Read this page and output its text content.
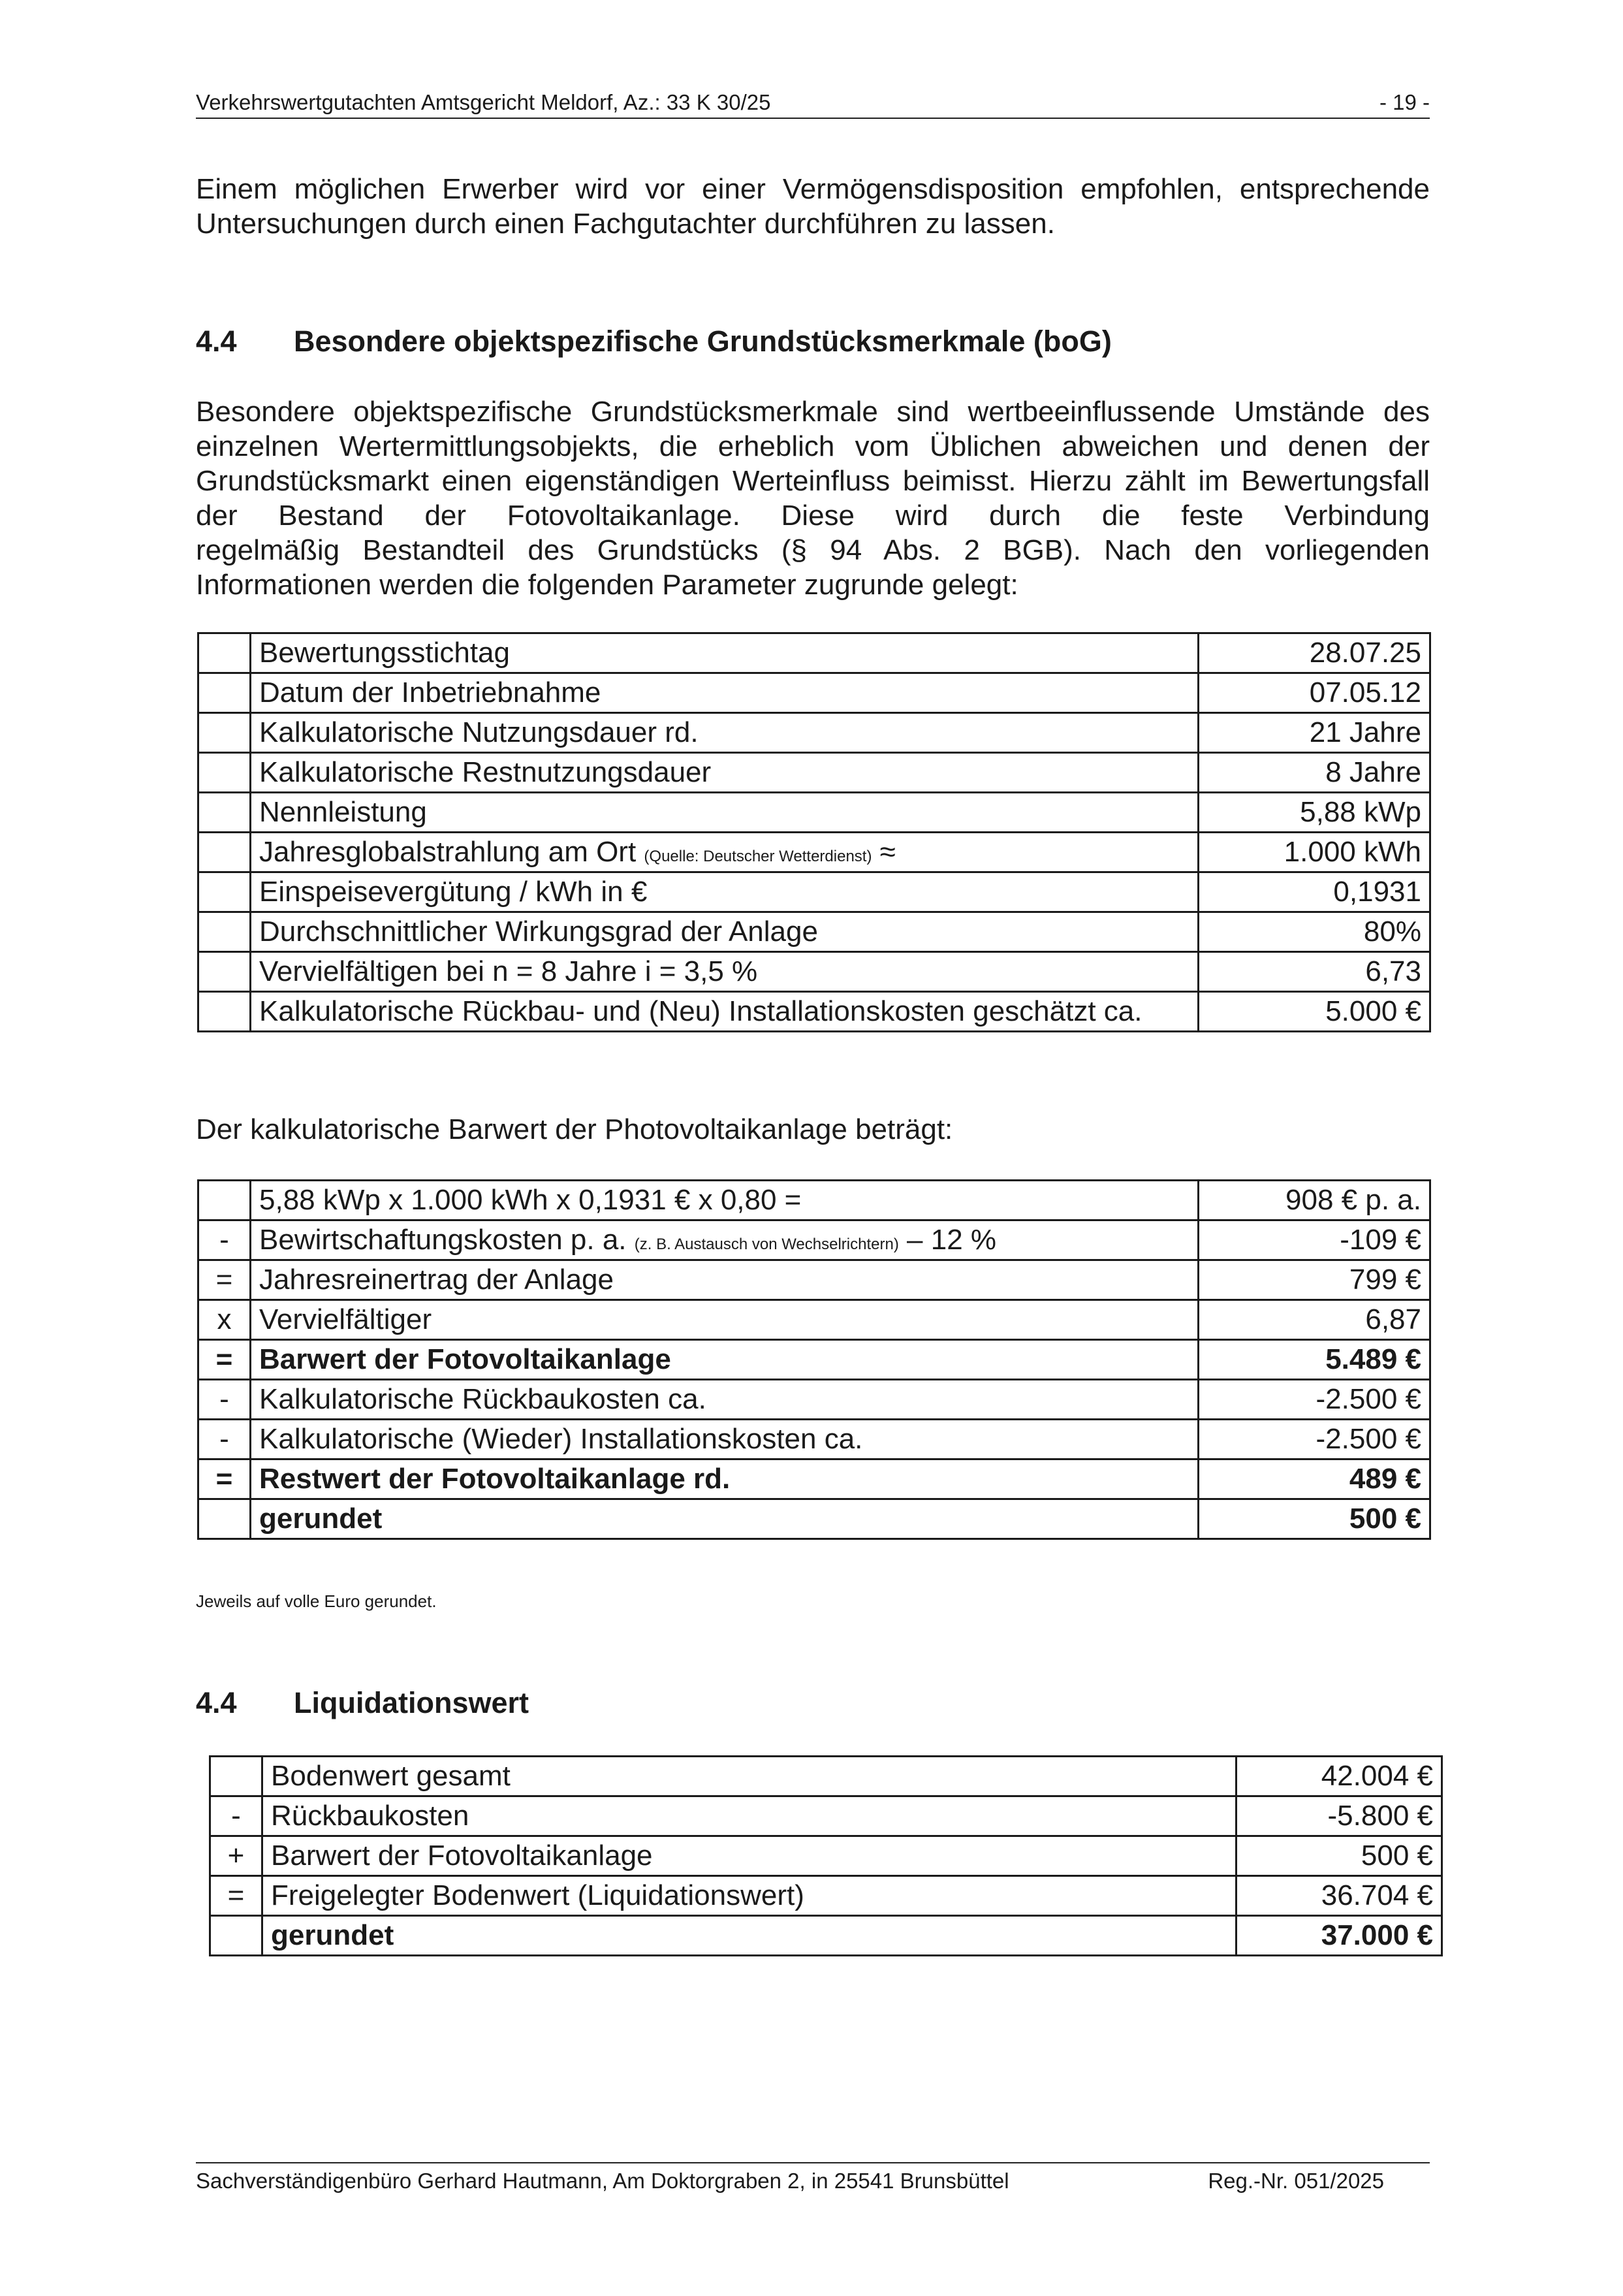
Verkehrswertgutachten Amtsgericht Meldorf, Az.: 33 K 30/25	- 19 -

Einem möglichen Erwerber wird vor einer Vermögensdisposition empfohlen, entsprechende Untersuchungen durch einen Fachgutachter durchführen zu lassen.

4.4	Besondere objektspezifische Grundstücksmerkmale (boG)
Besondere objektspezifische Grundstücksmerkmale sind wertbeeinflussende Umstände des
einzelnen Wertermittlungsobjekts, die erheblich vom Üblichen abweichen und denen der
Grundstücksmarkt einen eigenständigen Werteinfluss beimisst. Hierzu zählt im Bewertungsfall
der Bestand der Fotovoltaikanlage. Diese wird durch die feste Verbindung
regelmäßig Bestandteil des Grundstücks (§ 94 Abs. 2 BGB). Nach den vorliegenden
Informationen werden die folgenden Parameter zugrunde gelegt:
	Bewertungsstichtag	28.07.25
	Datum der Inbetriebnahme	07.05.12
	Kalkulatorische Nutzungsdauer rd.	21 Jahre
	Kalkulatorische Restnutzungsdauer	8 Jahre
	Nennleistung	5,88 kWp
	Jahresglobalstrahlung am Ort (Quelle: Deutscher Wetterdienst) ≈	1.000 kWh
	Einspeisevergütung / kWh in €	0,1931
	Durchschnittlicher Wirkungsgrad der Anlage	80%
	Vervielfältigen bei n = 8 Jahre i = 3,5 %	6,73
	Kalkulatorische Rückbau- und (Neu) Installationskosten geschätzt ca.	5.000 €

Der kalkulatorische Barwert der Photovoltaikanlage beträgt:

	5,88 kWp x 1.000 kWh x 0,1931 € x 0,80 =	908 € p. a.
-	Bewirtschaftungskosten p. a. (z. B. Austausch von Wechselrichtern) – 12 %	-109 €
=	Jahresreinertrag der Anlage	799 €
x	Vervielfältiger	6,87
=	Barwert der Fotovoltaikanlage	5.489 €
-	Kalkulatorische Rückbaukosten ca.	-2.500 €
-	Kalkulatorische (Wieder) Installationskosten ca.	-2.500 €
=	Restwert der Fotovoltaikanlage rd.	489 €
	gerundet	500 €
Jeweils auf volle Euro gerundet.
4.4	Liquidationswert
	Bodenwert gesamt	42.004 €
-	Rückbaukosten	-5.800 €
+	Barwert der Fotovoltaikanlage	500 €
=	Freigelegter Bodenwert (Liquidationswert)	36.704 €
	gerundet	37.000 €
Sachverständigenbüro Gerhard Hautmann, Am Doktorgraben 2, in 25541 Brunsbüttel	Reg.-Nr. 051/2025
